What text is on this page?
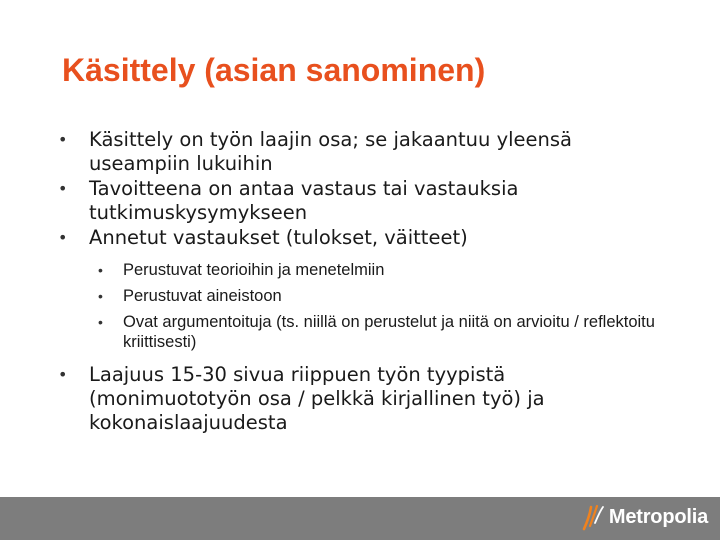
Käsittely (asian sanominen)
•	Käsittely on työn laajin osa; se jakaantuu yleensä useampiin lukuihin
•	Tavoitteena on antaa vastaus tai vastauksia tutkimuskysymykseen
•	Annetut vastaukset (tulokset, väitteet)
•	Perustuvat teorioihin ja menetelmiin
•	Perustuvat aineistoon
•	Ovat argumentoituja (ts. niillä on perustelut ja niitä on arvioitu / reflektoitu kriittisesti)
•	Laajuus 15-30 sivua riippuen työn tyypistä (monimuototyön osa / pelkkä kirjallinen työ) ja kokonaislaajuudesta
Metropolia
